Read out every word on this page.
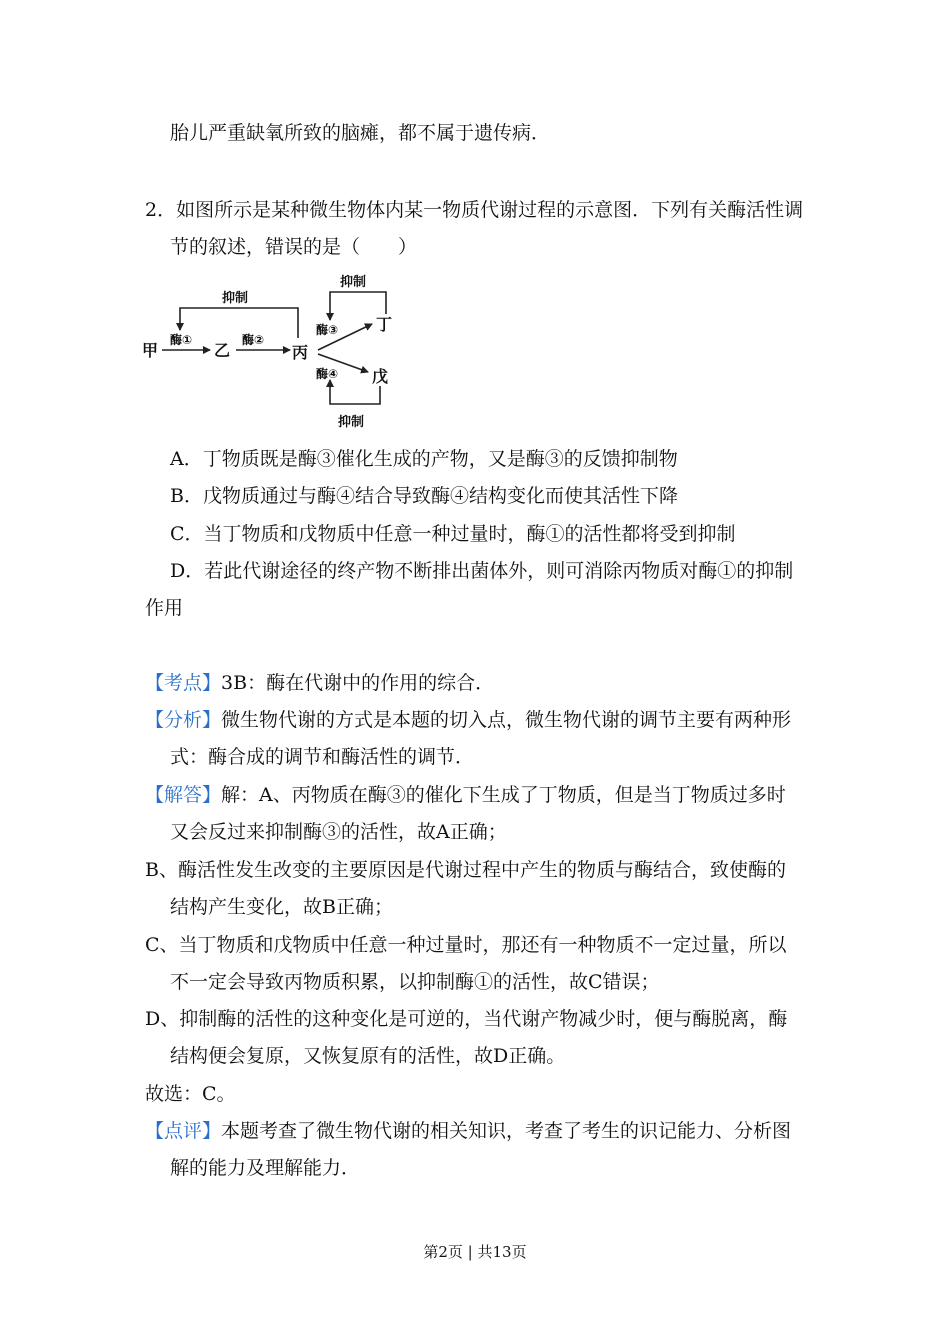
胎儿严重缺氧所致的脑瘫，都不属于遗传病．
2．如图所示是某种微生物体内某一物质代谢过程的示意图．下列有关酶活性调
节的叙述，错误的是（　　）
甲	乙	丙
丁
戊
酶①	酶②
酶③
酶④
抑制
抑制
抑制
A．丁物质既是酶③催化生成的产物，又是酶③的反馈抑制物
B．戊物质通过与酶④结合导致酶④结构变化而使其活性下降
C．当丁物质和戊物质中任意一种过量时，酶①的活性都将受到抑制
D．若此代谢途径的终产物不断排出菌体外，则可消除丙物质对酶①的抑制
作用
【考点】3B：酶在代谢中的作用的综合．
【分析】微生物代谢的方式是本题的切入点，微生物代谢的调节主要有两种形
式：酶合成的调节和酶活性的调节．
【解答】解：A、丙物质在酶③的催化下生成了丁物质，但是当丁物质过多时
又会反过来抑制酶③的活性，故A正确；
B、酶活性发生改变的主要原因是代谢过程中产生的物质与酶结合，致使酶的
结构产生变化，故B正确；
C、当丁物质和戊物质中任意一种过量时，那还有一种物质不一定过量，所以
不一定会导致丙物质积累，以抑制酶①的活性，故C错误；
D、抑制酶的活性的这种变化是可逆的，当代谢产物减少时，便与酶脱离，酶
结构便会复原，又恢复原有的活性，故D正确。
故选：C。
【点评】本题考查了微生物代谢的相关知识，考查了考生的识记能力、分析图
解的能力及理解能力．
第2页 | 共13页
